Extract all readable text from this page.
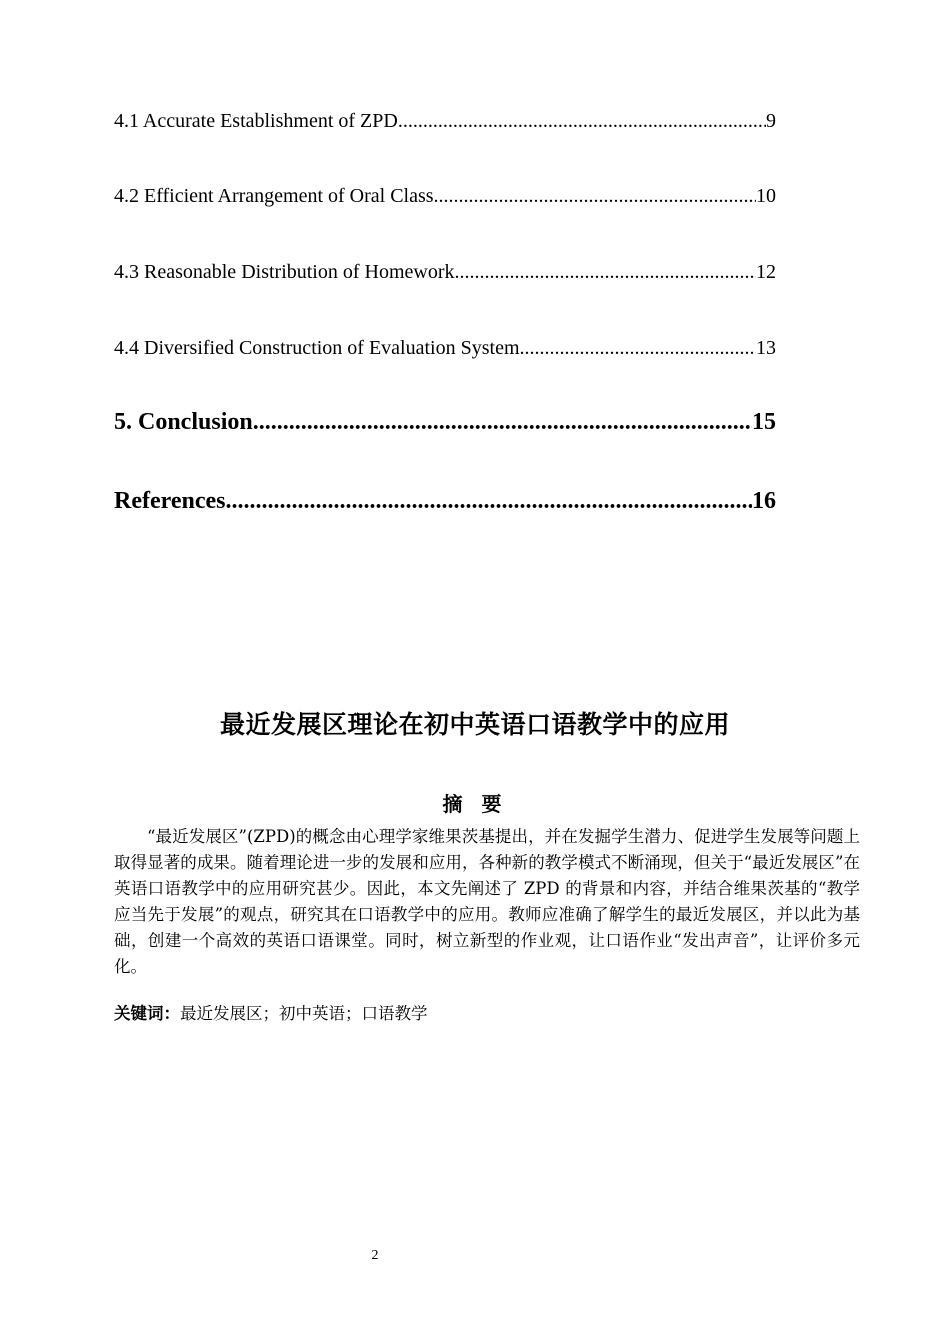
4.1 Accurate Establishment of ZPD .....	9
4.2 Efficient Arrangement of Oral Class .....	10
4.3 Reasonable Distribution of Homework .....	12
4.4 Diversified Construction of Evaluation System .....	13
5. Conclusion .....	15
References .....	16
最近发展区理论在初中英语口语教学中的应用
摘 要
“最近发展区”(ZPD)的概念由心理学家维果茨基提出，并在发掘学生潜力、促进学生发展等问题上取得显著的成果。随着理论进一步的发展和应用，各种新的教学模式不断涌现，但关于“最近发展区”在英语口语教学中的应用研究甚少。因此，本文先阐述了 ZPD 的背景和内容，并结合维果茨基的“教学应当先于发展”的观点，研究其在口语教学中的应用。教师应准确了解学生的最近发展区，并以此为基础，创建一个高效的英语口语课堂。同时，树立新型的作业观，让口语作业“发出声音”，让评价多元化。
关键词：最近发展区；初中英语；口语教学
2
